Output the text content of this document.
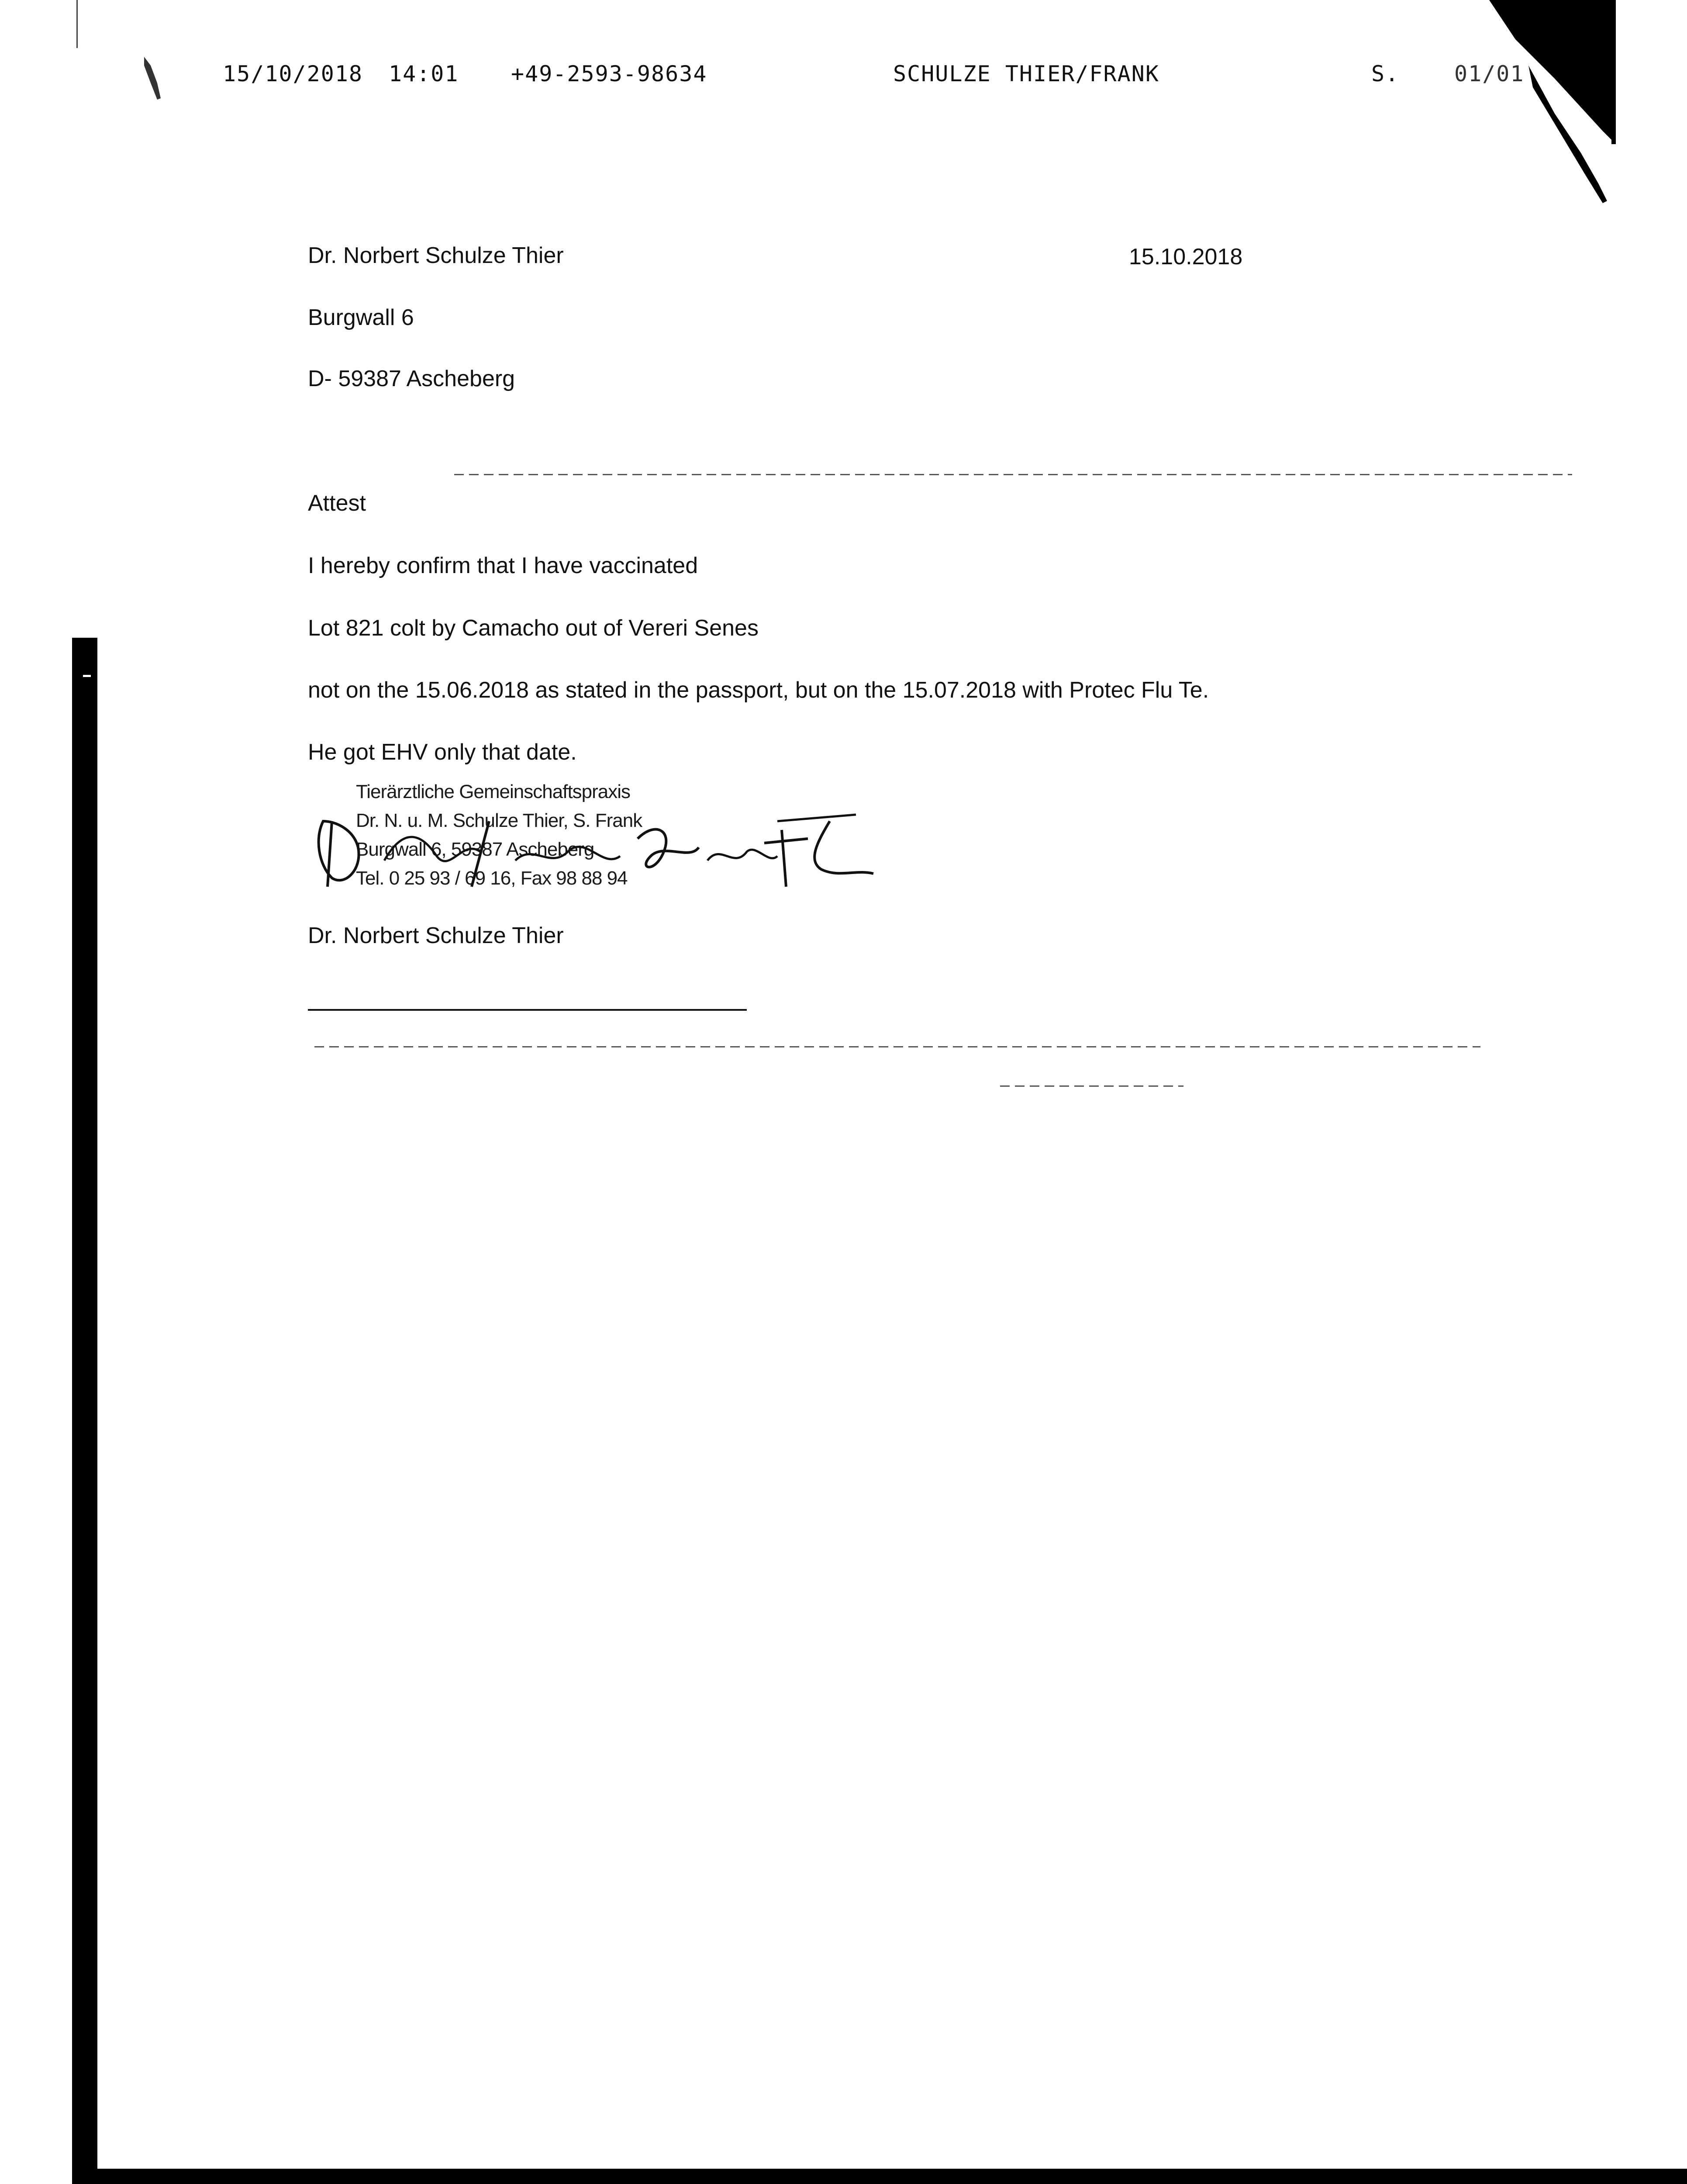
15/10/2018 14:01 +49-2593-98634	SCHULZE THIER/FRANK	S.	01/01
Dr. Norbert Schulze Thier	15.10.2018
Burgwall 6
D- 59387 Ascheberg
Attest
I hereby confirm that I have vaccinated
Lot 821 colt by Camacho out of Vereri Senes
not on the 15.06.2018 as stated in the passport, but on the 15.07.2018 with Protec Flu Te.
He got EHV only that date.
Dr. Norbert Schulze Thier
Tierärztliche Gemeinschaftspraxis
Dr. N. u. M. Schulze Thier, S. Frank
Burgwall 6, 59387 Ascheberg
Tel. 0 25 93 / 69 16, Fax 98 88 94
